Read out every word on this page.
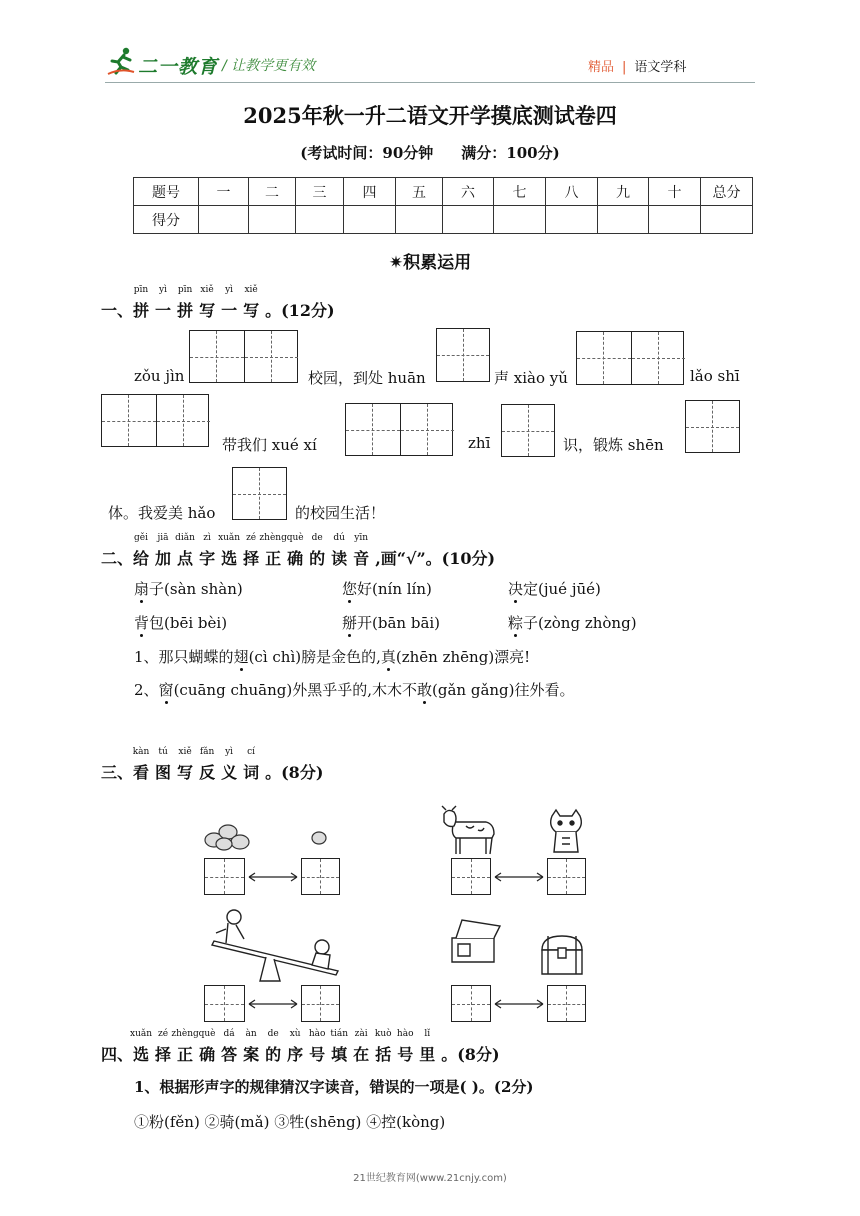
二一教育 / 让教学更有效	精品 | 语文学科
2025年秋一升二语文开学摸底测试卷四
(考试时间：90分钟 满分：100分)
题号	一	二	三	四	五	六	七	八	九	十	总分
得分											
✷积累运用
一、
pīn
拼
yì
一
pīn
拼
xiě
写
yì
一
xiě
写 。(12分)
zǒu jìn	校园，到处 huān	声 xiào yǔ	lǎo shī
带我们 xué xí	zhī	识，锻炼 shēn
体。我爱美 hǎo	的校园生活！
二、
gěi
给
jiā
加
diǎn
点
zì
字
xuǎn
选
zé
择
zhèng
正
què
确
de
的
dú
读
yīn
音 ,画“√”。(10分)
扇子(sàn shàn)	您好(nín lín)	决定(jué jūé)
背包(bēi bèi)	掰开(bān bāi)	粽子(zòng zhòng)
1、那只蝴蝶的翅(cì chì)膀是金色的,真(zhēn zhēng)漂亮!
2、窗(cuāng chuāng)外黑乎乎的,木木不敢(gǎn gǎng)往外看。
三、
kàn
看
tú
图
xiě
写
fǎn
反
yì
义
cí
词 。(8分)
四、
xuǎn
选
zé
择
zhèng
正
què
确
dá
答
àn
案
de
的
xù
序
hào
号
tián
填
zài
在
kuò
括
hào
号
lǐ
里 。(8分)
1、根据形声字的规律猜汉字读音，错误的一项是( )。(2分)
①粉(fěn) ②骑(mǎ) ③牲(shēng) ④控(kòng)
21世纪教育网(www.21cnjy.com)
